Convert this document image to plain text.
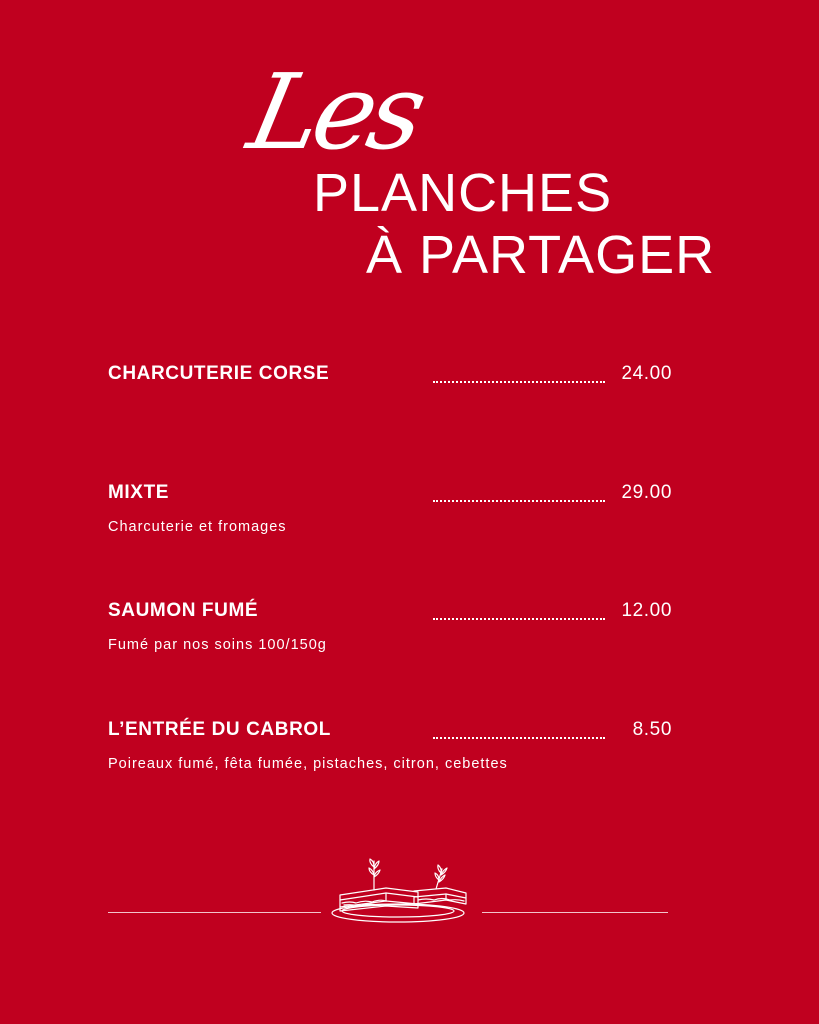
Les
PLANCHES
À PARTAGER
CHARCUTERIE CORSE	24.00
MIXTE	29.00
Charcuterie et fromages
SAUMON FUMÉ	12.00
Fumé par nos soins 100/150g
L’ENTRÉE DU CABROL	8.50
Poireaux fumé, fêta fumée, pistaches, citron, cebettes
